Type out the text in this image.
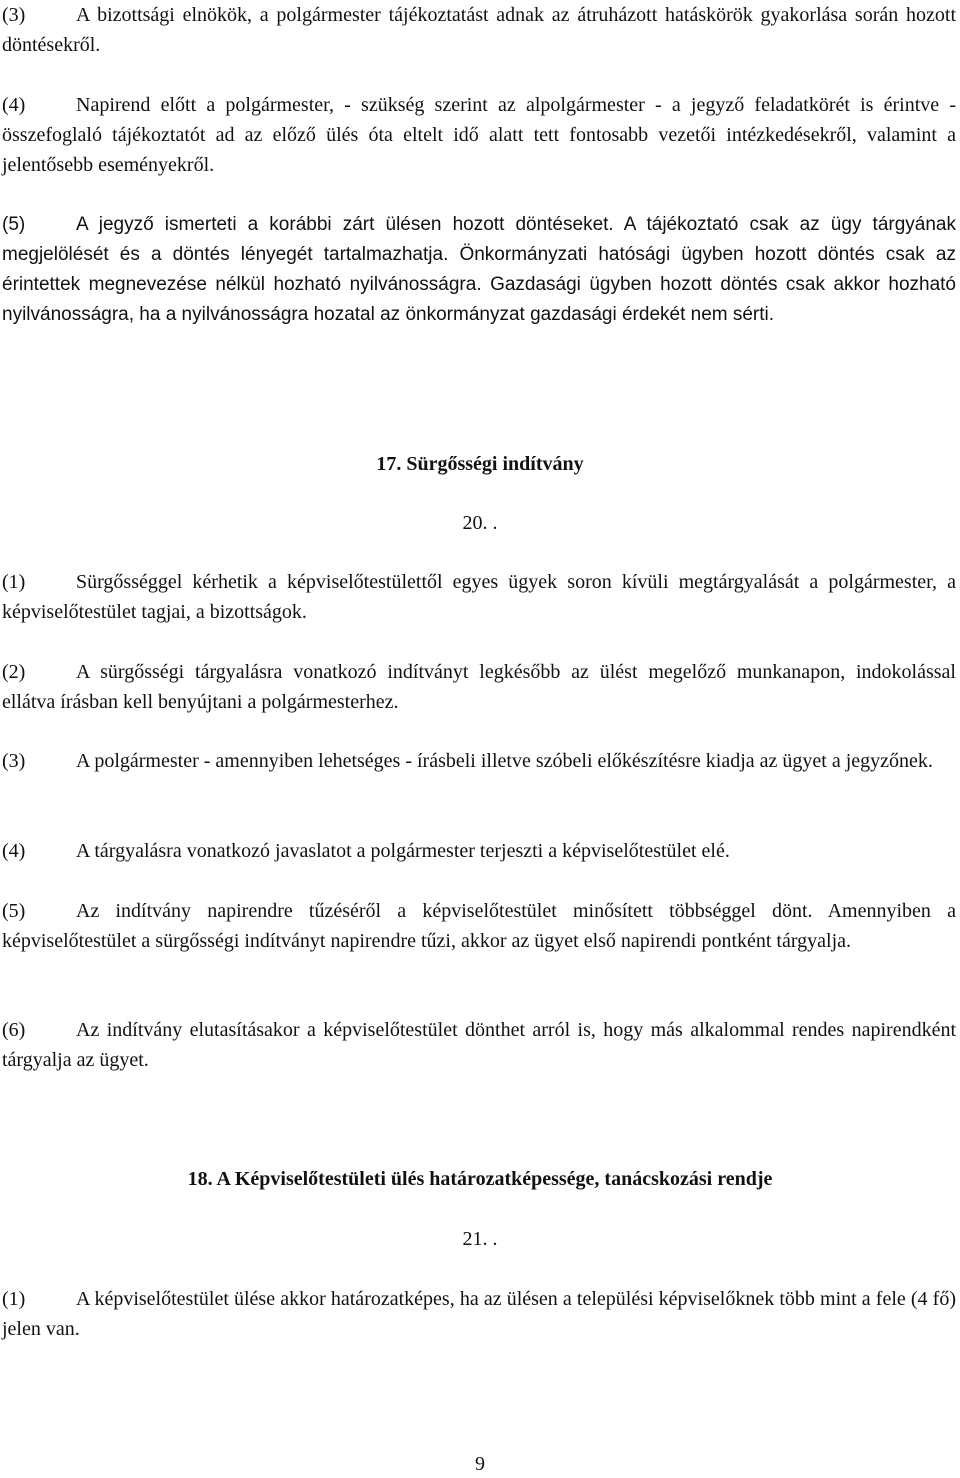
(3)	A bizottsági elnökök, a polgármester tájékoztatást adnak az átruházott hatáskörök gyakorlása során hozott döntésekről.

(4)	Napirend előtt a polgármester, - szükség szerint az alpolgármester - a jegyző feladatkörét is érintve - összefoglaló tájékoztatót ad az előző ülés óta eltelt idő alatt tett fontosabb vezetői intézkedésekről, valamint a jelentősebb eseményekről.

(5)	A jegyző ismerteti a korábbi zárt ülésen hozott döntéseket. A tájékoztató csak az ügy tárgyának megjelölését és a döntés lényegét tartalmazhatja. Önkormányzati hatósági ügyben hozott döntés csak az érintettek megnevezése nélkül hozható nyilvánosságra. Gazdasági ügyben hozott döntés csak akkor hozható nyilvánosságra, ha a nyilvánosságra hozatal az önkormányzat gazdasági érdekét nem sérti.

17. Sürgősségi indítvány

20. .

(1)	Sürgősséggel kérhetik a képviselőtestülettől egyes ügyek soron kívüli megtárgyalását a polgármester, a képviselőtestület tagjai, a bizottságok.

(2)	A sürgősségi tárgyalásra vonatkozó indítványt legkésőbb az ülést megelőző munkanapon, indokolással ellátva írásban kell benyújtani a polgármesterhez.

(3)	A polgármester - amennyiben lehetséges - írásbeli illetve szóbeli előkészítésre kiadja az ügyet a jegyzőnek.

(4)	A tárgyalásra vonatkozó javaslatot a polgármester terjeszti a képviselőtestület elé.

(5)	Az indítvány napirendre tűzéséről a képviselőtestület minősített többséggel dönt. Amennyiben a képviselőtestület a sürgősségi indítványt napirendre tűzi, akkor az ügyet első napirendi pontként tárgyalja.

(6)	Az indítvány elutasításakor a képviselőtestület dönthet arról is, hogy más alkalommal rendes napirendként tárgyalja az ügyet.

18. A Képviselőtestületi ülés határozatképessége, tanácskozási rendje

21. .

(1)	A képviselőtestület ülése akkor határozatképes, ha az ülésen a települési képviselőknek több mint a fele (4 fő) jelen van.

9
